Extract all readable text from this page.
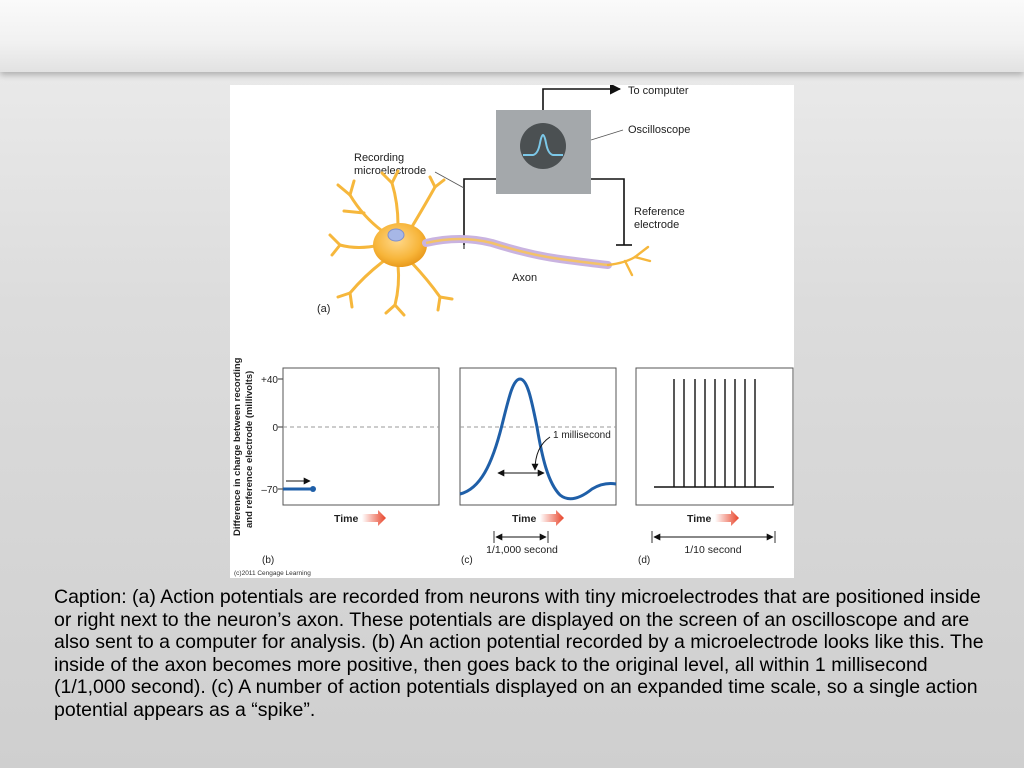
To computer
Oscilloscope
Recording
microelectrode
Reference
electrode
Axon
(a)
Difference in charge between recording and reference electrode (millivolts) +40
0
–70
Time
(b)
1 millisecond
Time
1/1,000 second
(c)
Time
1/10 second
(d)
(c)2011 Cengage Learning
Caption: (a) Action potentials are recorded from neurons with tiny microelectrodes that are positioned inside or right next to the neuron’s axon. These potentials are displayed on the screen of an oscilloscope and are also sent to a computer for analysis. (b) An action potential recorded by a microelectrode looks like this. The inside of the axon becomes more positive, then goes back to the original level, all within 1 millisecond (1/1,000 second). (c) A number of action potentials displayed on an expanded time scale, so a single action potential appears as a “spike”.
